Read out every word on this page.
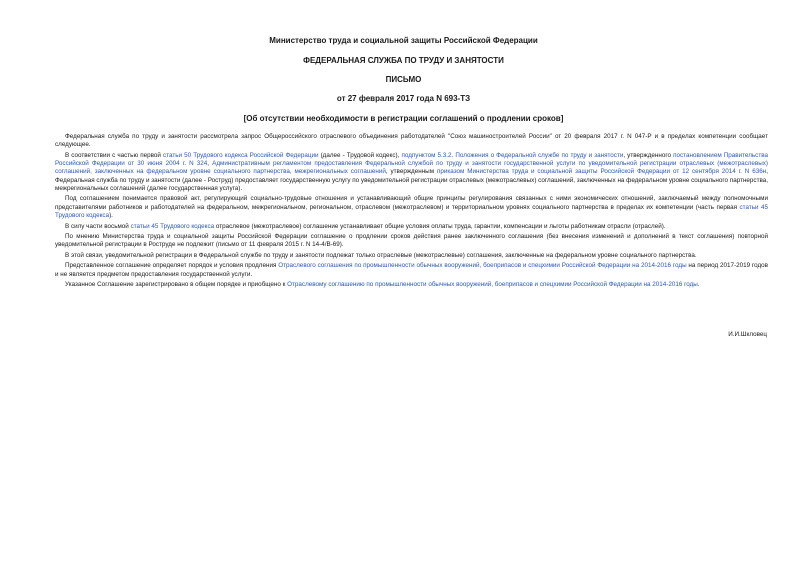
Министерство труда и социальной защиты Российской Федерации
ФЕДЕРАЛЬНАЯ СЛУЖБА ПО ТРУДУ И ЗАНЯТОСТИ
ПИСЬМО
от 27 февраля 2017 года N 693-ТЗ
[Об отсутствии необходимости в регистрации соглашений о продлении сроков]

Федеральная служба по труду и занятости рассмотрела запрос Общероссийского отраслевого объединения работодателей "Союз машиностроителей России" от 20 февраля 2017 г. N 047-Р и в пределах компетенции сообщает следующее.

В соответствии с частью первой статьи 50 Трудового кодекса Российской Федерации (далее - Трудовой кодекс), подпунктом 5.3.2. Положения о Федеральной службе по труду и занятости, утвержденного постановлением Правительства Российской Федерации от 30 июня 2004 г. N 324, Административным регламентом предоставления Федеральной службой по труду и занятости государственной услуги по уведомительной регистрации отраслевых (межотраслевых) соглашений, заключенных на федеральном уровне социального партнерства, межрегиональных соглашений, утвержденным приказом Министерства труда и социальной защиты Российской Федерации от 12 сентября 2014 г. N 636н, Федеральная служба по труду и занятости (далее - Роструд) предоставляет государственную услугу по уведомительной регистрации отраслевых (межотраслевых) соглашений, заключенных на федеральном уровне социального партнерства, межрегиональных соглашений (далее государственная услуга).

Под соглашением понимается правовой акт, регулирующий социально-трудовые отношения и устанавливающий общие принципы регулирования связанных с ними экономических отношений, заключаемый между полномочными представителями работников и работодателей на федеральном, межрегиональном, региональном, отраслевом (межотраслевом) и территориальном уровнях социального партнерства в пределах их компетенции (часть первая статьи 45 Трудового кодекса).

В силу части восьмой статьи 45 Трудового кодекса отраслевое (межотраслевое) соглашение устанавливает общие условия оплаты труда, гарантии, компенсации и льготы работникам отрасли (отраслей).

По мнению Министерства труда и социальной защиты Российской Федерации соглашение о продлении сроков действия ранее заключенного соглашения (без внесения изменений и дополнений в текст соглашения) повторной уведомительной регистрации в Роструде не подлежит (письмо от 11 февраля 2015 г. N 14-4/В-69).

В этой связи, уведомительной регистрации в Федеральной службе по труду и занятости подлежат только отраслевые (межотраслевые) соглашения, заключенные на федеральном уровне социального партнерства.

Представленное соглашение определяет порядок и условия продления Отраслевого соглашения по промышленности обычных вооружений, боеприпасов и спецхимии Российской Федерации на 2014-2016 годы на период 2017-2019 годов и не является предметом предоставления государственной услуги.

Указанное Соглашение зарегистрировано в общем порядке и приобщено к Отраслевому соглашению по промышленности обычных вооружений, боеприпасов и спецхимии Российской Федерации на 2014-2016 годы.

И.И.Шкловец
